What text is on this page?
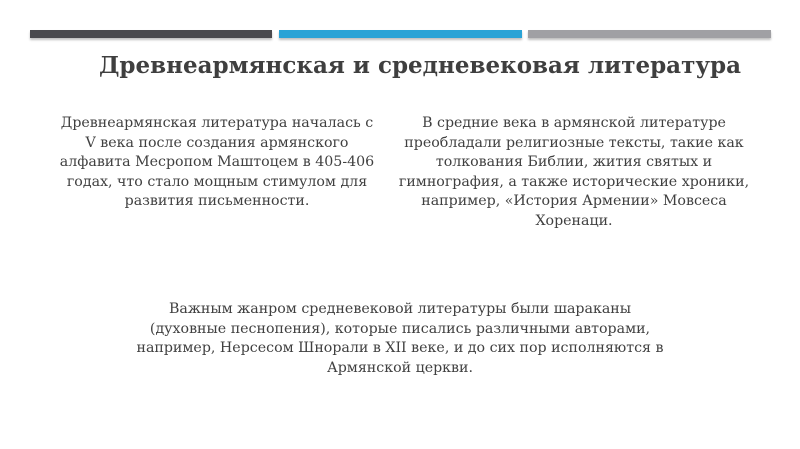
Древнеармянская и средневековая литература
Древнеармянская литература началась с V века после создания армянского алфавита Месропом Маштоцем в 405-406 годах, что стало мощным стимулом для развития письменности.
В средние века в армянской литературе преобладали религиозные тексты, такие как толкования Библии, жития святых и гимнография, а также исторические хроники, например, «История Армении» Мовсеса Хоренаци.
Важным жанром средневековой литературы были шараканы (духовные песнопения), которые писались различными авторами, например, Нерсесом Шнорали в XII веке, и до сих пор исполняются в Армянской церкви.
